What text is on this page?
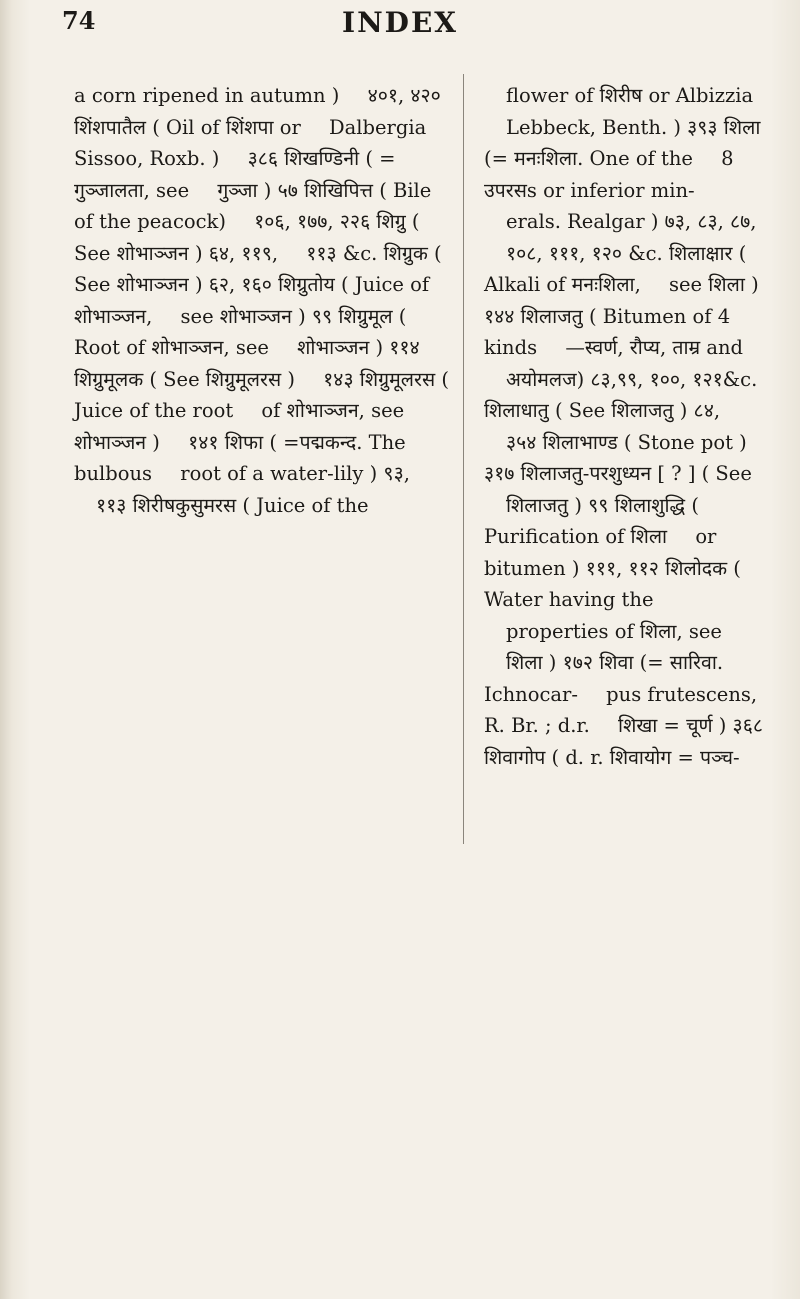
74	INDEX
a corn ripened in autumn ) ४०१, ४२० शिंशपातैल ( Oil of शिंशपा or Dalbergia Sissoo, Roxb. ) ३८६ शिखण्डिनी ( = गुञ्जालता, see गुञ्जा ) ५७ शिखिपित्त ( Bile of the peacock) १०६, १७७, २२६ शिग्रु ( See शोभाञ्जन ) ६४, ११९, ११३ &c. शिग्रुक ( See शोभाञ्जन ) ६२, १६० शिग्रुतोय ( Juice of शोभाञ्जन, see शोभाञ्जन ) ९९ शिग्रुमूल ( Root of शोभाञ्जन, see शोभाञ्जन ) ११४ शिग्रुमूलक ( See शिग्रुमूलरस ) १४३ शिग्रुमूलरस ( Juice of the root of शोभाञ्जन, see शोभाञ्जन ) १४१ शिफा ( =पद्मकन्द. The bulbous root of a water-lily ) ९३, ११३ शिरीषकुसुमरस ( Juice of the
flower of शिरीष or Albizzia Lebbeck, Benth. ) ३९३ शिला (= मनःशिला. One of the 8 उपरसs or inferior min- erals. Realgar ) ७३, ८३, ८७, १०८, १११, १२० &c. शिलाक्षार ( Alkali of मनःशिला, see शिला ) १४४ शिलाजतु ( Bitumen of 4 kinds —स्वर्ण, रौप्य, ताम्र and अयोमलज) ८३,९९, १००, १२१&c. शिलाधातु ( See शिलाजतु ) ८४, ३५४ शिलाभाण्ड ( Stone pot ) ३१७ शिलाजतु-परशुध्यन [ ? ] ( See शिलाजतु ) ९९ शिलाशुद्धि ( Purification of शिला or bitumen ) १११, ११२ शिलोदक ( Water having the properties of शिला, see शिला ) १७२ शिवा (= सारिवा. Ichnocar- pus frutescens, R. Br. ; d.r. शिखा = चूर्ण ) ३६८ शिवागोप ( d. r. शिवायोग = पञ्च-
